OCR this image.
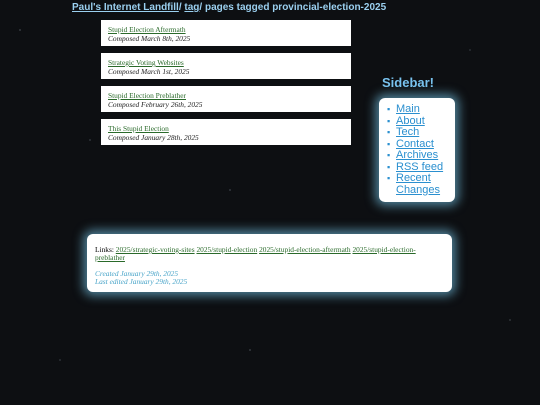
Paul's Internet Landfill/ tag/ pages tagged provincial-election-2025
Stupid Election Aftermath
Composed March 8th, 2025
Strategic Voting Websites
Composed March 1st, 2025
Stupid Election Preblather
Composed February 26th, 2025
This Stupid Election
Composed January 28th, 2025
Sidebar!
▪ Main
▪ About
▪ Tech
▪ Contact
▪ Archives
▪ RSS feed
▪ Recent Changes
Links: 2025/strategic-voting-sites 2025/stupid-election 2025/stupid-election-aftermath 2025/stupid-election-preblather
Created January 29th, 2025
Last edited January 29th, 2025
